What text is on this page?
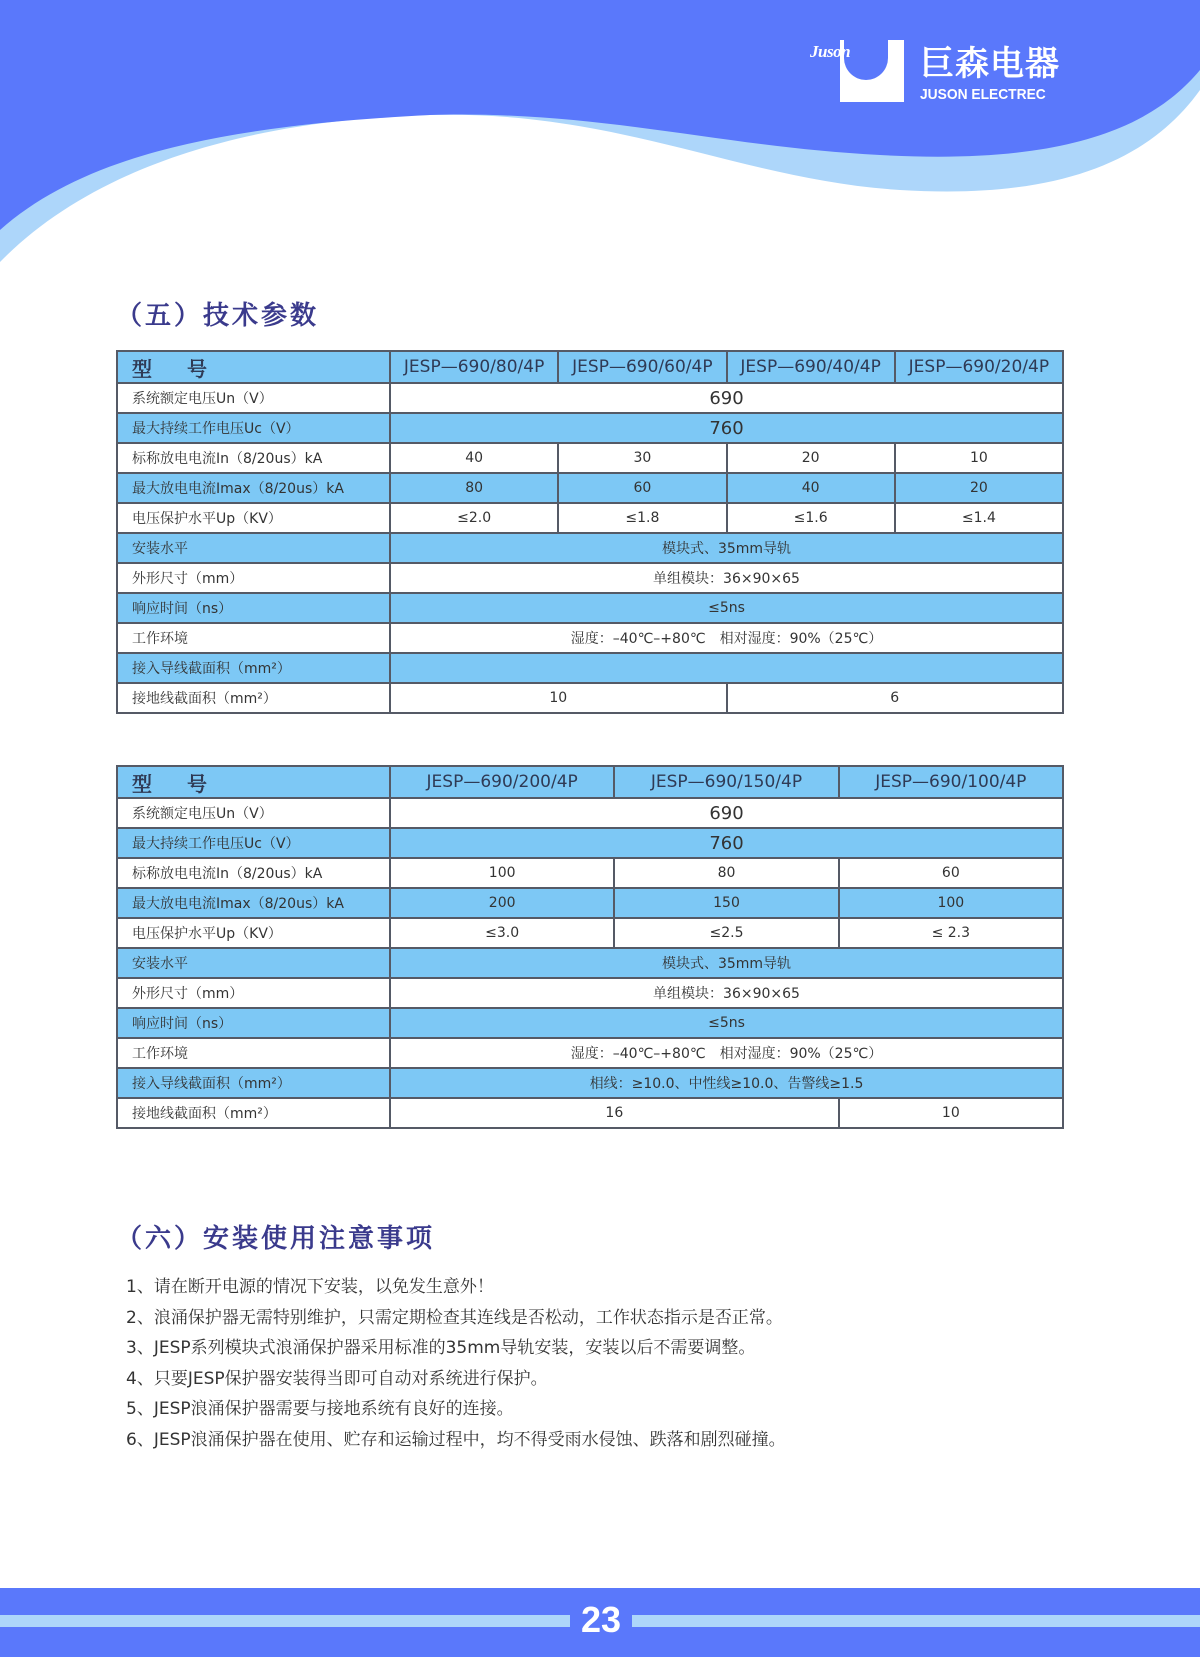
Juson 巨森电器
JUSON ELECTREC
（五）技术参数
型 号	JESP—690/80/4P	JESP—690/60/4P	JESP—690/40/4P	JESP—690/20/4P
系统额定电压Un（V）	690			
最大持续工作电压Uc（V）	760			
标称放电电流In（8/20us）kA	40	30	20	10
最大放电电流Imax（8/20us）kA	80	60	40	20
电压保护水平Up（KV）	≤2.0	≤1.8	≤1.6	≤1.4
安装水平	模块式、35mm导轨			
外形尺寸（mm）	单组模块：36×90×65			
响应时间（ns）	≤5ns			
工作环境	湿度：–40℃–+80℃　相对湿度：90%（25℃）			
接入导线截面积（mm²）				
接地线截面积（mm²）	10		6	
型 号	JESP—690/200/4P	JESP—690/150/4P	JESP—690/100/4P
系统额定电压Un（V）	690		
最大持续工作电压Uc（V）	760		
标称放电电流In（8/20us）kA	100	80	60
最大放电电流Imax（8/20us）kA	200	150	100
电压保护水平Up（KV）	≤3.0	≤2.5	≤ 2.3
安装水平	模块式、35mm导轨		
外形尺寸（mm）	单组模块：36×90×65		
响应时间（ns）	≤5ns		
工作环境	湿度：–40℃–+80℃　相对湿度：90%（25℃）		
接入导线截面积（mm²）	相线：≥10.0、中性线≥10.0、告警线≥1.5		
接地线截面积（mm²）	16		10
（六）安装使用注意事项
1、请在断开电源的情况下安装，以免发生意外！
2、浪涌保护器无需特别维护，只需定期检查其连线是否松动，工作状态指示是否正常。
3、JESP系列模块式浪涌保护器采用标准的35mm导轨安装，安装以后不需要调整。
4、只要JESP保护器安装得当即可自动对系统进行保护。
5、JESP浪涌保护器需要与接地系统有良好的连接。
6、JESP浪涌保护器在使用、贮存和运输过程中，均不得受雨水侵蚀、跌落和剧烈碰撞。
23
